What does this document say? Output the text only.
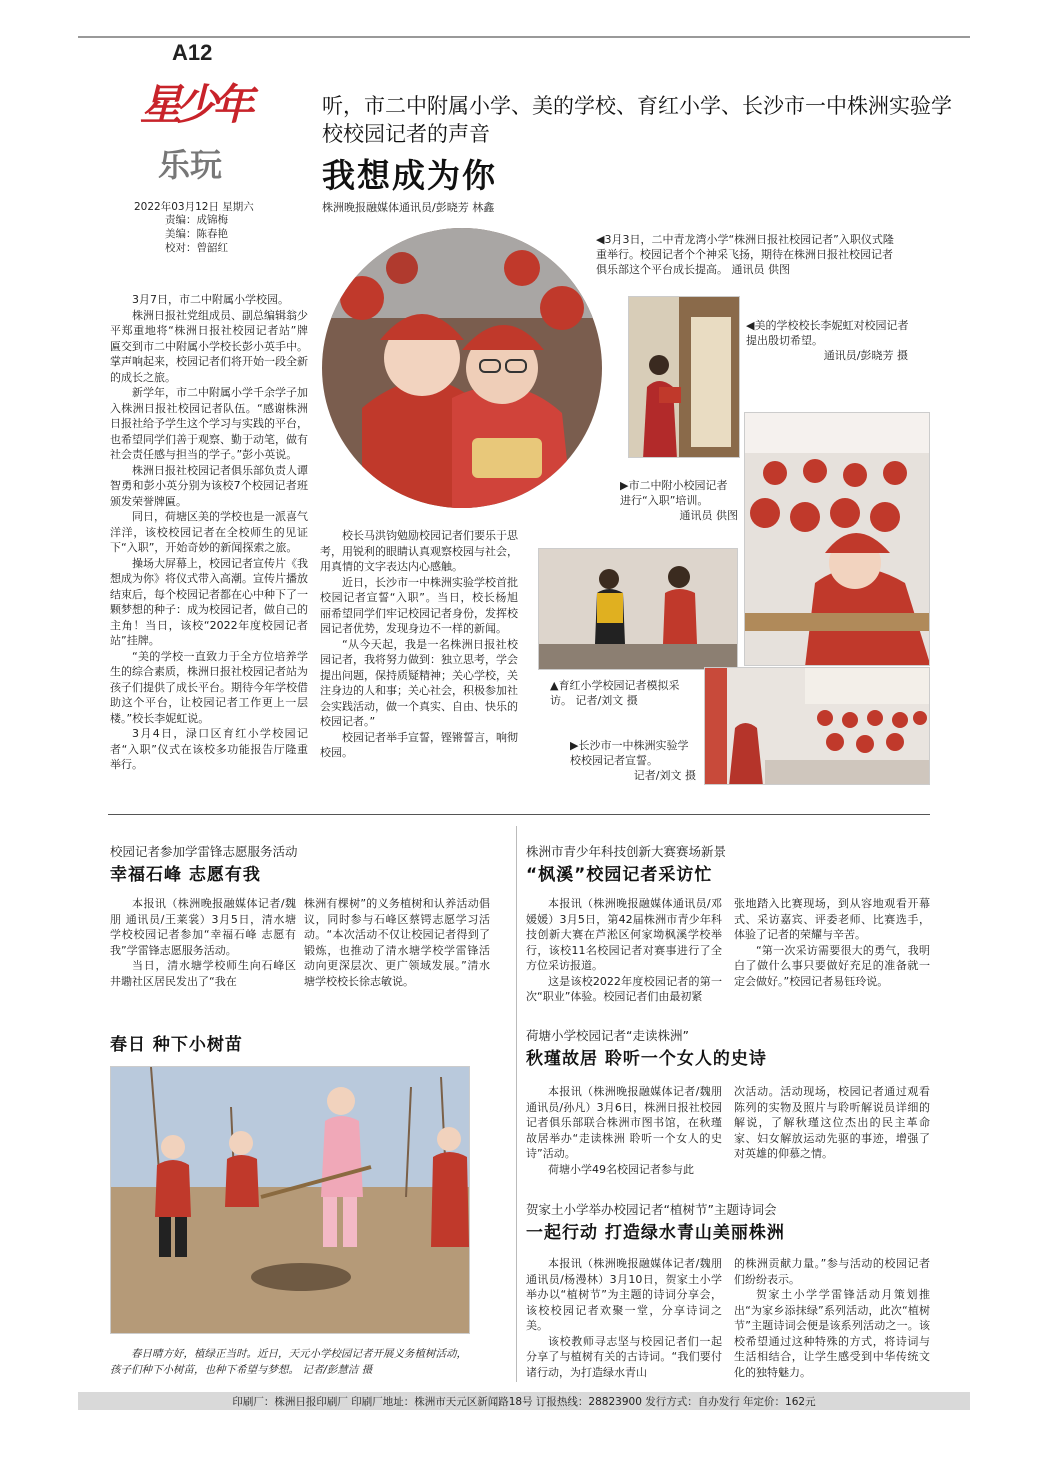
A12
星少年
乐玩
2022年03月12日 星期六
责编：成锦梅
美编：陈春艳
校对：曾韶红
听，市二中附属小学、美的学校、育红小学、长沙市一中株洲实验学校校园记者的声音
我想成为你
株洲晚报融媒体通讯员/彭晓芳 林鑫
◀3月3日，二中青龙湾小学“株洲日报社校园记者”入职仪式隆重举行。校园记者个个神采飞扬，期待在株洲日报社校园记者俱乐部这个平台成长提高。 通讯员 供图
◀美的学校校长李妮虹对校园记者提出殷切希望。
通讯员/彭晓芳 摄
▶市二中附小校园记者进行“入职”培训。
通讯员 供图
▲育红小学校园记者模拟采访。 记者/刘文 摄
▶长沙市一中株洲实验学校校园记者宣誓。
记者/刘文 摄

3月7日，市二中附属小学校园。

株洲日报社党组成员、副总编辑翁少平郑重地将“株洲日报社校园记者站”牌匾交到市二中附属小学校长彭小英手中。掌声响起来，校园记者们将开始一段全新的成长之旅。

新学年，市二中附属小学千余学子加入株洲日报社校园记者队伍。“感谢株洲日报社给予学生这个学习与实践的平台，也希望同学们善于观察、勤于动笔，做有社会责任感与担当的学子。”彭小英说。

株洲日报社校园记者俱乐部负责人谭智勇和彭小英分别为该校7个校园记者班颁发荣誉牌匾。

同日，荷塘区美的学校也是一派喜气洋洋，该校校园记者在全校师生的见证下“入职”，开始奇妙的新闻探索之旅。

操场大屏幕上，校园记者宣传片《我想成为你》将仪式带入高潮。宣传片播放结束后，每个校园记者都在心中种下了一颗梦想的种子：成为校园记者，做自己的主角！当日，该校“2022年度校园记者站”挂牌。

“美的学校一直致力于全方位培养学生的综合素质，株洲日报社校园记者站为孩子们提供了成长平台。期待今年学校借助这个平台，让校园记者工作更上一层楼。”校长李妮虹说。

3月4日，渌口区育红小学校园记者“入职”仪式在该校多功能报告厅隆重举行。

校长马洪钧勉励校园记者们要乐于思考，用锐利的眼睛认真观察校园与社会，用真情的文字表达内心感触。

近日，长沙市一中株洲实验学校首批校园记者宣誓“入职”。当日，校长杨旭丽希望同学们牢记校园记者身份，发挥校园记者优势，发现身边不一样的新闻。

“从今天起，我是一名株洲日报社校园记者，我将努力做到：独立思考，学会提出问题，保持质疑精神；关心学校，关注身边的人和事；关心社会，积极参加社会实践活动，做一个真实、自由、快乐的校园记者。”

校园记者举手宣誓，铿锵誓言，响彻校园。

校园记者参加学雷锋志愿服务活动
幸福石峰 志愿有我

本报讯（株洲晚报融媒体记者/魏朋 通讯员/王莱裳）3月5日，清水塘学校校园记者参加“幸福石峰 志愿有我”学雷锋志愿服务活动。

当日，清水塘学校师生向石峰区井墈社区居民发出了“我在

株洲有棵树”的义务植树和认养活动倡议，同时参与石峰区蔡锷志愿学习活动。“本次活动不仅让校园记者得到了锻炼，也推动了清水塘学校学雷锋活动向更深层次、更广领域发展。”清水塘学校校长徐志敏说。

春日 种下小树苗
春日晴方好，植绿正当时。近日，天元小学校园记者开展义务植树活动，孩子们种下小树苗，也种下希望与梦想。 记者/彭慧洁 摄
株洲市青少年科技创新大赛赛场新景
“枫溪”校园记者采访忙

本报讯（株洲晚报融媒体通讯员/邓媛媛）3月5日，第42届株洲市青少年科技创新大赛在芦淞区何家坳枫溪学校举行，该校11名校园记者对赛事进行了全方位采访报道。

这是该校2022年度校园记者的第一次“职业”体验。校园记者们由最初紧

张地踏入比赛现场，到从容地观看开幕式、采访嘉宾、评委老师、比赛选手，体验了记者的荣耀与辛苦。

“第一次采访需要很大的勇气，我明白了做什么事只要做好充足的准备就一定会做好。”校园记者易钰玲说。

荷塘小学校园记者“走读株洲”
秋瑾故居 聆听一个女人的史诗

本报讯（株洲晚报融媒体记者/魏朋 通讯员/孙凡）3月6日，株洲日报社校园记者俱乐部联合株洲市图书馆，在秋瑾故居举办“走读株洲 聆听一个女人的史诗”活动。

荷塘小学49名校园记者参与此

次活动。活动现场，校园记者通过观看陈列的实物及照片与聆听解说员详细的解说，了解秋瑾这位杰出的民主革命家、妇女解放运动先驱的事迹，增强了对英雄的仰慕之情。

贺家土小学举办校园记者“植树节”主题诗词会
一起行动 打造绿水青山美丽株洲

本报讯（株洲晚报融媒体记者/魏朋 通讯员/杨漫林）3月10日，贺家土小学举办以“植树节”为主题的诗词分享会，该校校园记者欢聚一堂，分享诗词之美。

该校教师寻志坚与校园记者们一起分享了与植树有关的古诗词。“我们要付诸行动，为打造绿水青山

的株洲贡献力量。”参与活动的校园记者们纷纷表示。

贺家土小学学雷锋活动月策划推出“为家乡添抹绿”系列活动，此次“植树节”主题诗词会便是该系列活动之一。该校希望通过这种特殊的方式，将诗词与生活相结合，让学生感受到中华传统文化的独特魅力。

印刷厂：株洲日报印刷厂 印刷厂地址：株洲市天元区新闻路18号 订报热线：28823900 发行方式：自办发行 年定价：162元
